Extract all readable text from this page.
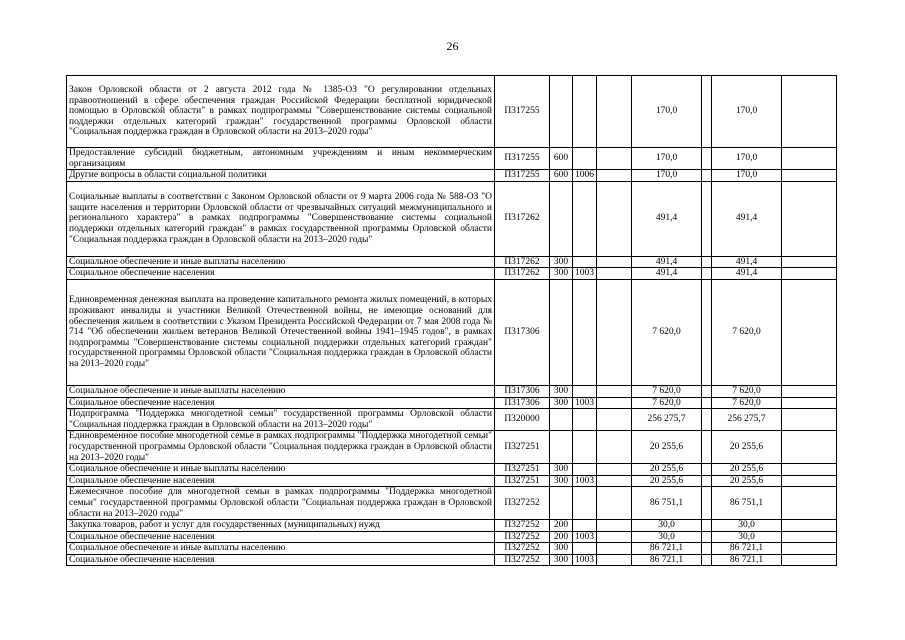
26
Закон Орловской области от 2 августа 2012 года № 1385-ОЗ "О регулировании отдельных правоотношений в сфере обеспечения граждан Российской Федерации бесплатной юридической помощью в Орловской области" в рамках подпрограммы "Совершенствование системы социальной поддержки отдельных категорий граждан" государственной программы Орловской области "Социальная поддержка граждан в Орловской области на 2013–2020 годы"	П317255				170,0		170,0	
Предоставление субсидий бюджетным, автономным учреждениям и иным некоммерческим организациям	П317255	600			170,0		170,0	
Другие вопросы в области социальной политики	П317255	600	1006		170,0		170,0	
Социальные выплаты в соответствии с Законом Орловской области от 9 марта 2006 года № 588-ОЗ "О защите населения и территории Орловской области от чрезвычайных ситуаций межмуниципального и регионального характера" в рамках подпрограммы "Совершенствование системы социальной поддержки отдельных категорий граждан" в рамках государственной программы Орловской области "Социальная поддержка граждан в Орловской области на 2013–2020 годы"	П317262				491,4		491,4	
Социальное обеспечение и иные выплаты населению	П317262	300			491,4		491,4	
Социальное обеспечение населения	П317262	300	1003		491,4		491,4	
Единовременная денежная выплата на проведение капитального ремонта жилых помещений, в которых проживают инвалиды и участники Великой Отечественной войны, не имеющие оснований для обеспечения жильем в соответствии с Указом Президента Российской Федерации от 7 мая 2008 года № 714 "Об обеспечении жильем ветеранов Великой Отечественной войны 1941–1945 годов", в рамках подпрограммы "Совершенствование системы социальной поддержки отдельных категорий граждан" государственной программы Орловской области "Социальная поддержка граждан в Орловской области на 2013–2020 годы"	П317306				7 620,0		7 620,0	
Социальное обеспечение и иные выплаты населению	П317306	300			7 620,0		7 620,0	
Социальное обеспечение населения	П317306	300	1003		7 620,0		7 620,0	
Подпрограмма "Поддержка многодетной семьи" государственной программы Орловской области "Социальная поддержка граждан в Орловской области на 2013–2020 годы"	П320000				256 275,7		256 275,7	
Единовременное пособие многодетной семье в рамках подпрограммы "Поддержка многодетной семьи" государственной программы Орловской области "Социальная поддержка граждан в Орловской области на 2013–2020 годы"	П327251				20 255,6		20 255,6	
Социальное обеспечение и иные выплаты населению	П327251	300			20 255,6		20 255,6	
Социальное обеспечение населения	П327251	300	1003		20 255,6		20 255,6	
Ежемесячное пособие для многодетной семьи в рамках подпрограммы "Поддержка многодетной семьи" государственной программы Орловской области "Социальная поддержка граждан в Орловской области на 2013–2020 годы"	П327252				86 751,1		86 751,1	
Закупка товаров, работ и услуг для государственных (муниципальных) нужд	П327252	200			30,0		30,0	
Социальное обеспечение населения	П327252	200	1003		30,0		30,0	
Социальное обеспечение и иные выплаты населению	П327252	300			86 721,1		86 721,1	
Социальное обеспечение населения	П327252	300	1003		86 721,1		86 721,1	
